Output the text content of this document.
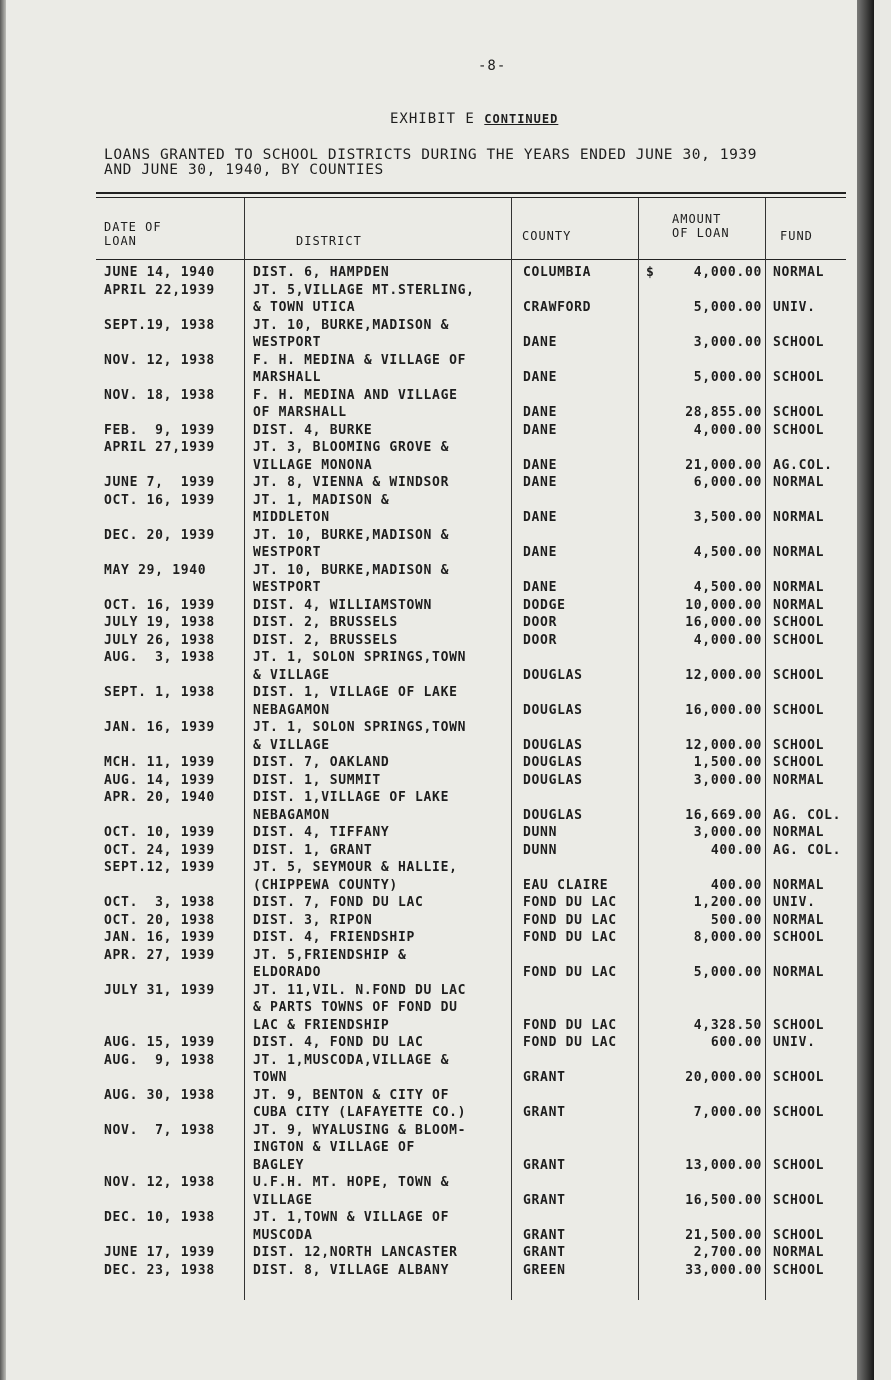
-8-
EXHIBIT E CONTINUED
LOANS GRANTED TO SCHOOL DISTRICTS DURING THE YEARS ENDED JUNE 30, 1939
AND JUNE 30, 1940, BY COUNTIES
DATE OF
LOAN	DISTRICT	COUNTY
AMOUNT
OF LOAN	FUND
$
JUNE 14, 1940	DIST. 6, HAMPDEN	COLUMBIA	4,000.00 NORMAL
APRIL 22,1939	JT. 5,VILLAGE MT.STERLING,
& TOWN UTICA	CRAWFORD	5,000.00 UNIV.
SEPT.19, 1938	JT. 10, BURKE,MADISON &
WESTPORT	DANE	3,000.00 SCHOOL
NOV. 12, 1938	F. H. MEDINA & VILLAGE OF
MARSHALL	DANE	5,000.00 SCHOOL
NOV. 18, 1938	F. H. MEDINA AND VILLAGE
OF MARSHALL	DANE	28,855.00 SCHOOL
FEB.  9, 1939	DIST. 4, BURKE	DANE	4,000.00 SCHOOL
APRIL 27,1939	JT. 3, BLOOMING GROVE &
VILLAGE MONONA	DANE	21,000.00 AG.COL.
JUNE 7,  1939	JT. 8, VIENNA & WINDSOR	DANE	6,000.00 NORMAL
OCT. 16, 1939	JT. 1, MADISON &
MIDDLETON	DANE	3,500.00 NORMAL
DEC. 20, 1939	JT. 10, BURKE,MADISON &
WESTPORT	DANE	4,500.00 NORMAL
MAY 29, 1940	JT. 10, BURKE,MADISON &
WESTPORT	DANE	4,500.00 NORMAL
OCT. 16, 1939	DIST. 4, WILLIAMSTOWN	DODGE	10,000.00 NORMAL
JULY 19, 1938	DIST. 2, BRUSSELS	DOOR	16,000.00 SCHOOL
JULY 26, 1938	DIST. 2, BRUSSELS	DOOR	4,000.00 SCHOOL
AUG.  3, 1938	JT. 1, SOLON SPRINGS,TOWN
& VILLAGE	DOUGLAS	12,000.00 SCHOOL
SEPT. 1, 1938	DIST. 1, VILLAGE OF LAKE
NEBAGAMON	DOUGLAS	16,000.00 SCHOOL
JAN. 16, 1939	JT. 1, SOLON SPRINGS,TOWN
& VILLAGE	DOUGLAS	12,000.00 SCHOOL
MCH. 11, 1939	DIST. 7, OAKLAND	DOUGLAS	1,500.00 SCHOOL
AUG. 14, 1939	DIST. 1, SUMMIT	DOUGLAS	3,000.00 NORMAL
APR. 20, 1940	DIST. 1,VILLAGE OF LAKE
NEBAGAMON	DOUGLAS	16,669.00 AG. COL.
OCT. 10, 1939	DIST. 4, TIFFANY	DUNN	3,000.00 NORMAL
OCT. 24, 1939	DIST. 1, GRANT	DUNN	400.00 AG. COL.
SEPT.12, 1939	JT. 5, SEYMOUR & HALLIE,
(CHIPPEWA COUNTY)	EAU CLAIRE	400.00 NORMAL
OCT.  3, 1938	DIST. 7, FOND DU LAC	FOND DU LAC	1,200.00 UNIV.
OCT. 20, 1938	DIST. 3, RIPON	FOND DU LAC	500.00 NORMAL
JAN. 16, 1939	DIST. 4, FRIENDSHIP	FOND DU LAC	8,000.00 SCHOOL
APR. 27, 1939	JT. 5,FRIENDSHIP &
ELDORADO	FOND DU LAC	5,000.00 NORMAL
JULY 31, 1939	JT. 11,VIL. N.FOND DU LAC
& PARTS TOWNS OF FOND DU
LAC & FRIENDSHIP	FOND DU LAC	4,328.50 SCHOOL
AUG. 15, 1939	DIST. 4, FOND DU LAC	FOND DU LAC	600.00 UNIV.
AUG.  9, 1938	JT. 1,MUSCODA,VILLAGE &
TOWN	GRANT	20,000.00 SCHOOL
AUG. 30, 1938	JT. 9, BENTON & CITY OF
CUBA CITY (LAFAYETTE CO.)	GRANT	7,000.00 SCHOOL
NOV.  7, 1938	JT. 9, WYALUSING & BLOOM-
INGTON & VILLAGE OF
BAGLEY	GRANT	13,000.00 SCHOOL
NOV. 12, 1938	U.F.H. MT. HOPE, TOWN &
VILLAGE	GRANT	16,500.00 SCHOOL
DEC. 10, 1938	JT. 1,TOWN & VILLAGE OF
MUSCODA	GRANT	21,500.00 SCHOOL
JUNE 17, 1939	DIST. 12,NORTH LANCASTER	GRANT	2,700.00 NORMAL
DEC. 23, 1938	DIST. 8, VILLAGE ALBANY	GREEN	33,000.00 SCHOOL
